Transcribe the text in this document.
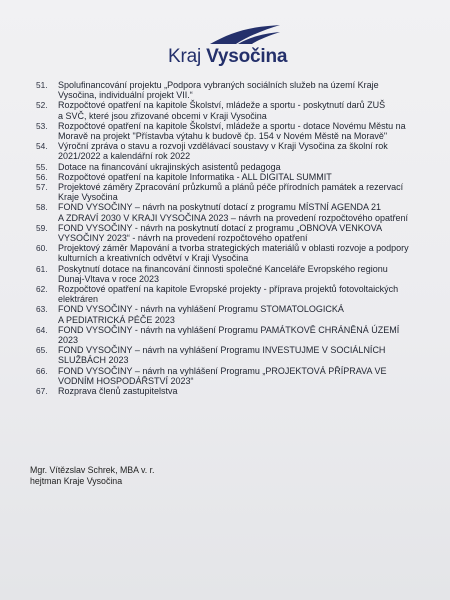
Kraj Vysočina
51.	Spolufinancování projektu „Podpora vybraných sociálních služeb na území Kraje
Vysočina, individuální projekt VII.“
52.	Rozpočtové opatření na kapitole Školství, mládeže a sportu - poskytnutí darů ZUŠ
a SVČ, které jsou zřizované obcemi v Kraji Vysočina
53.	Rozpočtové opatření na kapitole Školství, mládeže a sportu - dotace Novému Městu na
Moravě na projekt "Přístavba výtahu k budově čp. 154 v Novém Městě na Moravě"
54.	Výroční zpráva o stavu a rozvoji vzdělávací soustavy v Kraji Vysočina za školní rok
2021/2022 a kalendářní rok 2022
55.	Dotace na financování ukrajinských asistentů pedagoga
56.	Rozpočtové opatření na kapitole Informatika - ALL DIGITAL SUMMIT
57.	Projektové záměry Zpracování průzkumů a plánů péče přírodních památek a rezervací
Kraje Vysočina
58.	FOND VYSOČINY – návrh na poskytnutí dotací z programu MÍSTNÍ AGENDA 21
A ZDRAVÍ 2030 V KRAJI VYSOČINA 2023 – návrh na provedení rozpočtového opatření
59.	FOND VYSOČINY - návrh na poskytnutí dotací z programu „OBNOVA VENKOVA
VYSOČINY 2023“ - návrh na provedení rozpočtového opatření
60.	Projektový záměr Mapování a tvorba strategických materiálů v oblasti rozvoje a podpory
kulturních a kreativních odvětví v Kraji Vysočina
61.	Poskytnutí dotace na financování činnosti společné Kanceláře Evropského regionu
Dunaj-Vltava v roce 2023
62.	Rozpočtové opatření na kapitole Evropské projekty - příprava projektů fotovoltaických
elektráren
63.	FOND VYSOČINY - návrh na vyhlášení Programu STOMATOLOGICKÁ
A PEDIATRICKÁ PÉČE 2023
64.	FOND VYSOČINY - návrh na vyhlášení Programu PAMÁTKOVĚ CHRÁNĚNÁ ÚZEMÍ
2023
65.	FOND VYSOČINY – návrh na vyhlášení Programu INVESTUJME V SOCIÁLNÍCH
SLUŽBÁCH 2023
66.	FOND VYSOČINY – návrh na vyhlášení Programu „PROJEKTOVÁ PŘÍPRAVA VE
VODNÍM HOSPODÁŘSTVÍ 2023“
67.	Rozprava členů zastupitelstva
Mgr. Vítězslav Schrek, MBA v. r.
hejtman Kraje Vysočina
